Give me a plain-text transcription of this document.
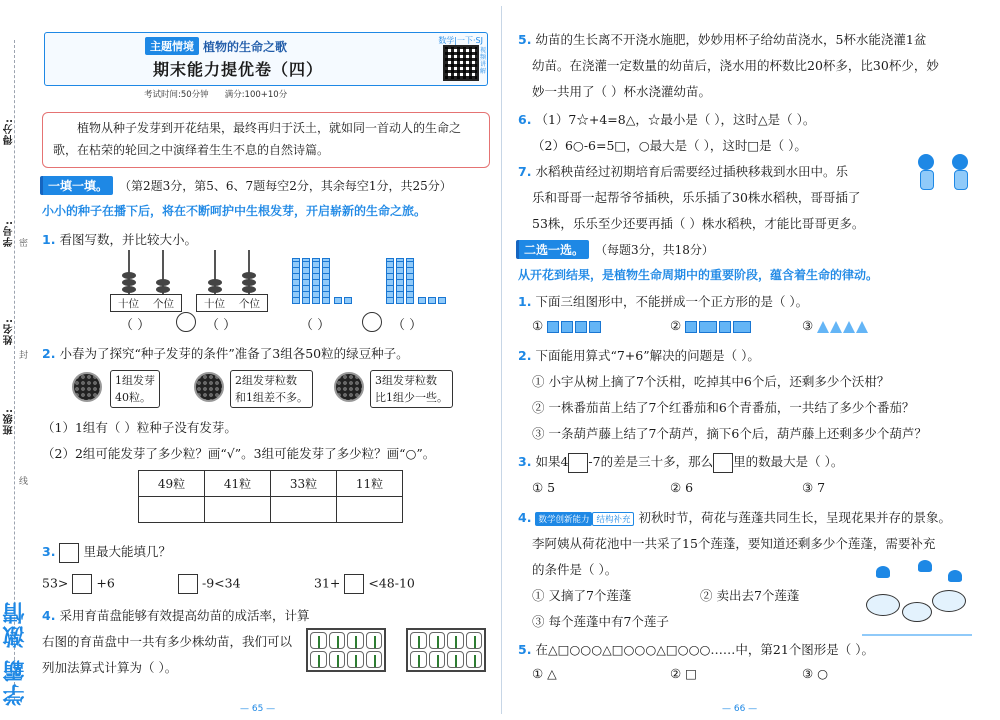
得分:
学号:
姓名:
班级:
密
封
线
学霸 激情
主题情境 植物的生命之歌
期末能力提优卷（四）
数学|一下·SJ
视频讲解
考试时间:50分钟 满分:100+10分
植物从种子发芽到开花结果，最终再归于沃土，就如同一首动人的生命之歌，在枯荣的轮回之中演绎着生生不息的自然诗篇。
一填一填。 （第2题3分，第5、6、7题每空2分，其余每空1分，共25分）
小小的种子在播下后，将在不断呵护中生根发芽，开启崭新的生命之旅。
1. 看图写数，并比较大小。
十位 个位
（ ）
十位 个位
（ ）	（ ）	（ ）
2. 小春为了探究“种子发芽的条件”准备了3组各50粒的绿豆种子。
1组发芽
40粒。
2组发芽粒数
和1组差不多。
3组发芽粒数
比1组少一些。
（1）1组有（ ）粒种子没有发芽。
（2）2组可能发芽了多少粒？画“√”。3组可能发芽了多少粒？画“○”。
49粒	41粒	33粒	11粒

3. 里最大能填几？
53> +6	-9<34	31+ <48-10
4. 采用育苗盘能够有效提高幼苗的成活率，计算
右图的育苗盘中一共有多少株幼苗，我们可以
列加法算式计算为（ ）。
— 65 —
5. 幼苗的生长离不开浇水施肥，妙妙用杯子给幼苗浇水，5杯水能浇灌1盆
幼苗。在浇灌一定数量的幼苗后，浇水用的杯数比20杯多，比30杯少，妙
妙一共用了（ ）杯水浇灌幼苗。
6. （1）7☆+4=8△，☆最小是（ ），这时△是（ ）。
（2）6○-6=5□，○最大是（ ），这时□是（ ）。
7. 水稻秧苗经过初期培育后需要经过插秧移栽到水田中。乐
乐和哥哥一起帮爷爷插秧，乐乐插了30株水稻秧，哥哥插了
53株，乐乐至少还要再插（ ）株水稻秧，才能比哥哥更多。
二选一选。 （每题3分，共18分）
从开花到结果，是植物生命周期中的重要阶段，蕴含着生命的律动。
1. 下面三组图形中，不能拼成一个正方形的是（ ）。
①	②	③
2. 下面能用算式“7+6”解决的问题是（ ）。
① 小宇从树上摘了7个沃柑，吃掉其中6个后，还剩多少个沃柑？
② 一株番茄苗上结了7个红番茄和6个青番茄，一共结了多少个番茄？
③ 一条葫芦藤上结了7个葫芦，摘下6个后，葫芦藤上还剩多少个葫芦？
3. 如果4 -7的差是三十多，那么 里的数最大是（ ）。
① 5	② 6	③ 7
4. 数学创新能力 结构补充 初秋时节，荷花与莲蓬共同生长，呈现花果并存的景象。
李阿姨从荷花池中一共采了15个莲蓬，要知道还剩多少个莲蓬，需要补充
的条件是（ ）。
① 又摘了7个莲蓬	② 卖出去7个莲蓬
③ 每个莲蓬中有7个莲子
5. 在△□○○○△□○○○△□○○○……中，第21个图形是（ ）。
① △	② □	③ ○
— 66 —
